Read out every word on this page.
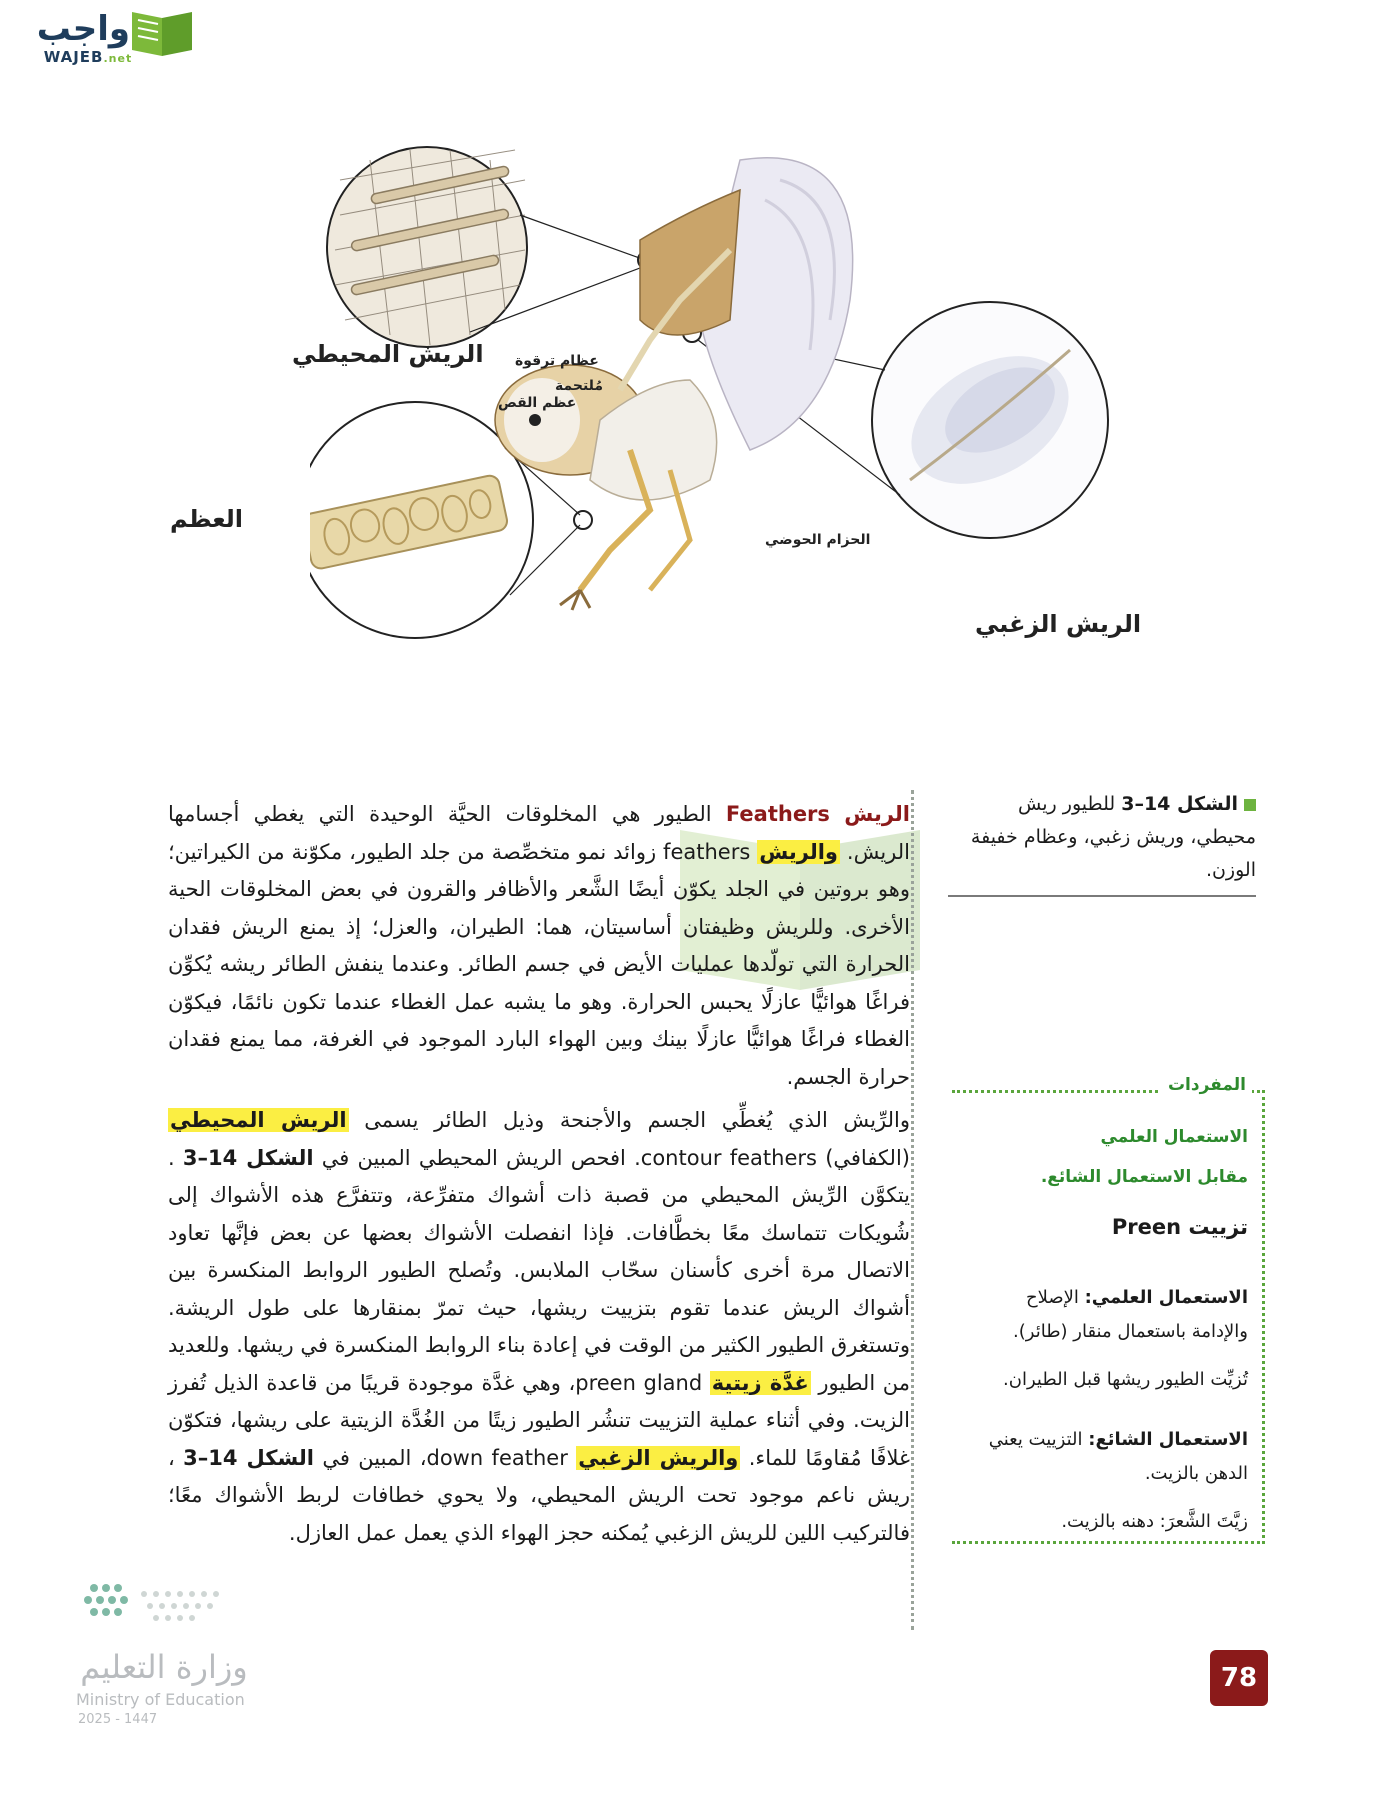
واجب
WAJEB.net
الريش المحيطي
العظم
الريش الزغبي
عظام ترقوة
مُلتحمة
عظم القص
الحزام الحوضي

الريش Feathers الطيور هي المخلوقات الحيَّة الوحيدة التي يغطي أجسامها الريش. والريش feathers زوائد نمو متخصِّصة من جلد الطيور، مكوّنة من الكيراتين؛ وهو بروتين في الجلد يكوّن أيضًا الشَّعر والأظافر والقرون في بعض المخلوقات الحية الأخرى. وللريش وظيفتان أساسيتان، هما: الطيران، والعزل؛ إذ يمنع الريش فقدان الحرارة التي تولّدها عمليات الأيض في جسم الطائر. وعندما ينفش الطائر ريشه يُكوِّن فراغًا هوائيًّا عازلًا يحبس الحرارة. وهو ما يشبه عمل الغطاء عندما تكون نائمًا، فيكوّن الغطاء فراغًا هوائيًّا عازلًا بينك وبين الهواء البارد الموجود في الغرفة، مما يمنع فقدان حرارة الجسم.

والرِّيش الذي يُغطِّي الجسم والأجنحة وذيل الطائر يسمى الريش المحيطي (الكفافي) contour feathers. افحص الريش المحيطي المبين في الشكل 14–3 . يتكوَّن الرِّيش المحيطي من قصبة ذات أشواك متفرِّعة، وتتفرَّع هذه الأشواك إلى شُويكات تتماسك معًا بخطَّافات. فإذا انفصلت الأشواك بعضها عن بعض فإنَّها تعاود الاتصال مرة أخرى كأسنان سحّاب الملابس. وتُصلح الطيور الروابط المنكسرة بين أشواك الريش عندما تقوم بتزييت ريشها، حيث تمرّ بمنقارها على طول الريشة. وتستغرق الطيور الكثير من الوقت في إعادة بناء الروابط المنكسرة في ريشها. وللعديد من الطيور غدَّة زيتية preen gland، وهي غدَّة موجودة قريبًا من قاعدة الذيل تُفرز الزيت. وفي أثناء عملية التزييت تنشُر الطيور زيتًا من الغُدَّة الزيتية على ريشها، فتكوّن غلافًا مُقاومًا للماء. والريش الزغبي down feather، المبين في الشكل 14–3 ، ريش ناعم موجود تحت الريش المحيطي، ولا يحوي خطافات لربط الأشواك معًا؛ فالتركيب اللين للريش الزغبي يُمكنه حجز الهواء الذي يعمل عمل العازل.

الشكل 14–3 للطيور ريش محيطي، وريش زغبي، وعظام خفيفة الوزن.
المفردات
الاستعمال العلمي
مقابل الاستعمال الشائع.
تزييت Preen
الاستعمال العلمي: الإصلاح والإدامة باستعمال منقار (طائر).
تُزيِّت الطيور ريشها قبل الطيران.
الاستعمال الشائع: التزييت يعني الدهن بالزيت.
زيَّتَ الشَّعرَ: دهنه بالزيت.
78
وزارة التعليم
Ministry of Education
2025 - 1447
